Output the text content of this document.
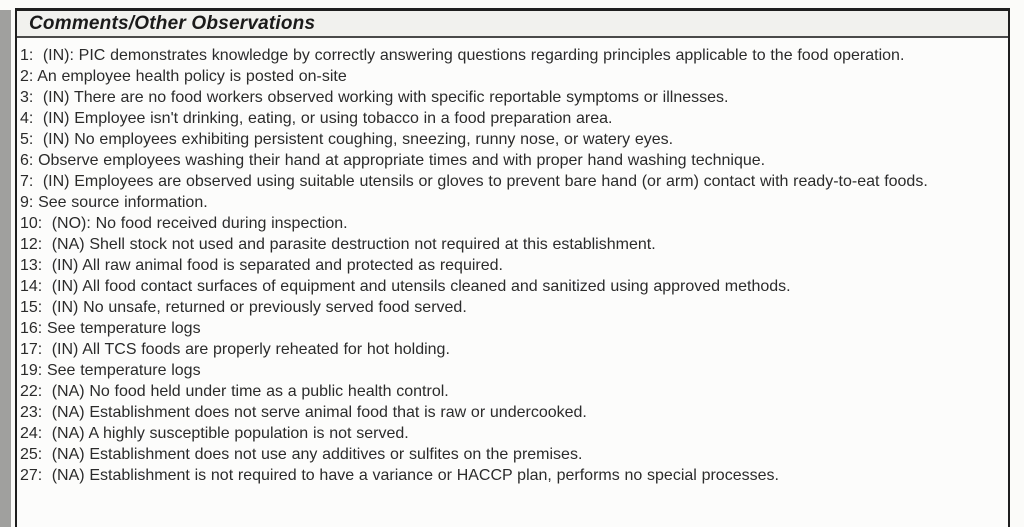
Comments/Other Observations
1:  (IN): PIC demonstrates knowledge by correctly answering questions regarding principles applicable to the food operation.
2: An employee health policy is posted on-site
3:  (IN) There are no food workers observed working with specific reportable symptoms or illnesses.
4:  (IN) Employee isn't drinking, eating, or using tobacco in a food preparation area.
5:  (IN) No employees exhibiting persistent coughing, sneezing, runny nose, or watery eyes.
6: Observe employees washing their hand at appropriate times and with proper hand washing technique.
7:  (IN) Employees are observed using suitable utensils or gloves to prevent bare hand (or arm) contact with ready-to-eat foods.
9: See source information.
10:  (NO): No food received during inspection.
12:  (NA) Shell stock not used and parasite destruction not required at this establishment.
13:  (IN) All raw animal food is separated and protected as required.
14:  (IN) All food contact surfaces of equipment and utensils cleaned and sanitized using approved methods.
15:  (IN) No unsafe, returned or previously served food served.
16: See temperature logs
17:  (IN) All TCS foods are properly reheated for hot holding.
19: See temperature logs
22:  (NA) No food held under time as a public health control.
23:  (NA) Establishment does not serve animal food that is raw or undercooked.
24:  (NA) A highly susceptible population is not served.
25:  (NA) Establishment does not use any additives or sulfites on the premises.
27:  (NA) Establishment is not required to have a variance or HACCP plan, performs no special processes.
